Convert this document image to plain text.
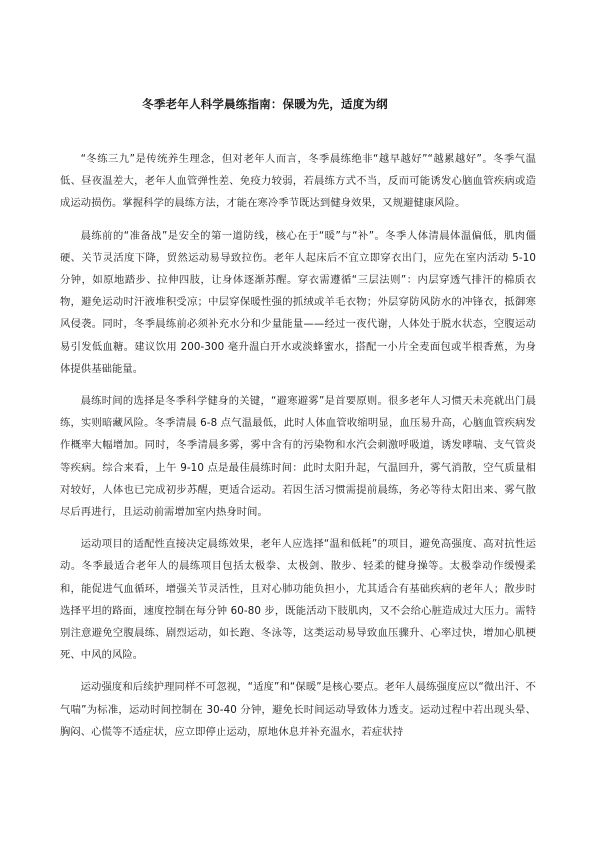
冬季老年人科学晨练指南：保暖为先，适度为纲

“冬练三九”是传统养生理念，但对老年人而言，冬季晨练绝非“越早越好”“越累越好”。冬季气温低、昼夜温差大，老年人血管弹性差、免疫力较弱，若晨练方式不当，反而可能诱发心脑血管疾病或造成运动损伤。掌握科学的晨练方法，才能在寒冷季节既达到健身效果，又规避健康风险。

晨练前的“准备战”是安全的第一道防线，核心在于“暖”与“补”。冬季人体清晨体温偏低，肌肉僵硬、关节灵活度下降，贸然运动易导致拉伤。老年人起床后不宜立即穿衣出门，应先在室内活动 5-10 分钟，如原地踏步、拉伸四肢，让身体逐渐苏醒。穿衣需遵循“三层法则”：内层穿透气排汗的棉质衣物，避免运动时汗液堆积受凉；中层穿保暖性强的抓绒或羊毛衣物；外层穿防风防水的冲锋衣，抵御寒风侵袭。同时，冬季晨练前必须补充水分和少量能量——经过一夜代谢，人体处于脱水状态，空腹运动易引发低血糖。建议饮用 200-300 毫升温白开水或淡蜂蜜水，搭配一小片全麦面包或半根香蕉，为身体提供基础能量。

晨练时间的选择是冬季科学健身的关键，“避寒避雾”是首要原则。很多老年人习惯天未亮就出门晨练，实则暗藏风险。冬季清晨 6-8 点气温最低，此时人体血管收缩明显，血压易升高，心脑血管疾病发作概率大幅增加。同时，冬季清晨多雾，雾中含有的污染物和水汽会刺激呼吸道，诱发哮喘、支气管炎等疾病。综合来看，上午 9-10 点是最佳晨练时间：此时太阳升起，气温回升，雾气消散，空气质量相对较好，人体也已完成初步苏醒，更适合运动。若因生活习惯需提前晨练，务必等待太阳出来、雾气散尽后再进行，且运动前需增加室内热身时间。

运动项目的适配性直接决定晨练效果，老年人应选择“温和低耗”的项目，避免高强度、高对抗性运动。冬季最适合老年人的晨练项目包括太极拳、太极剑、散步、轻柔的健身操等。太极拳动作缓慢柔和，能促进气血循环，增强关节灵活性，且对心肺功能负担小，尤其适合有基础疾病的老年人；散步时选择平坦的路面，速度控制在每分钟 60-80 步，既能活动下肢肌肉，又不会给心脏造成过大压力。需特别注意避免空腹晨练、剧烈运动，如长跑、冬泳等，这类运动易导致血压骤升、心率过快，增加心肌梗死、中风的风险。

运动强度和后续护理同样不可忽视，“适度”和“保暖”是核心要点。老年人晨练强度应以“微出汗、不气喘”为标准，运动时间控制在 30-40 分钟，避免长时间运动导致体力透支。运动过程中若出现头晕、胸闷、心慌等不适症状，应立即停止运动，原地休息并补充温水，若症状持
